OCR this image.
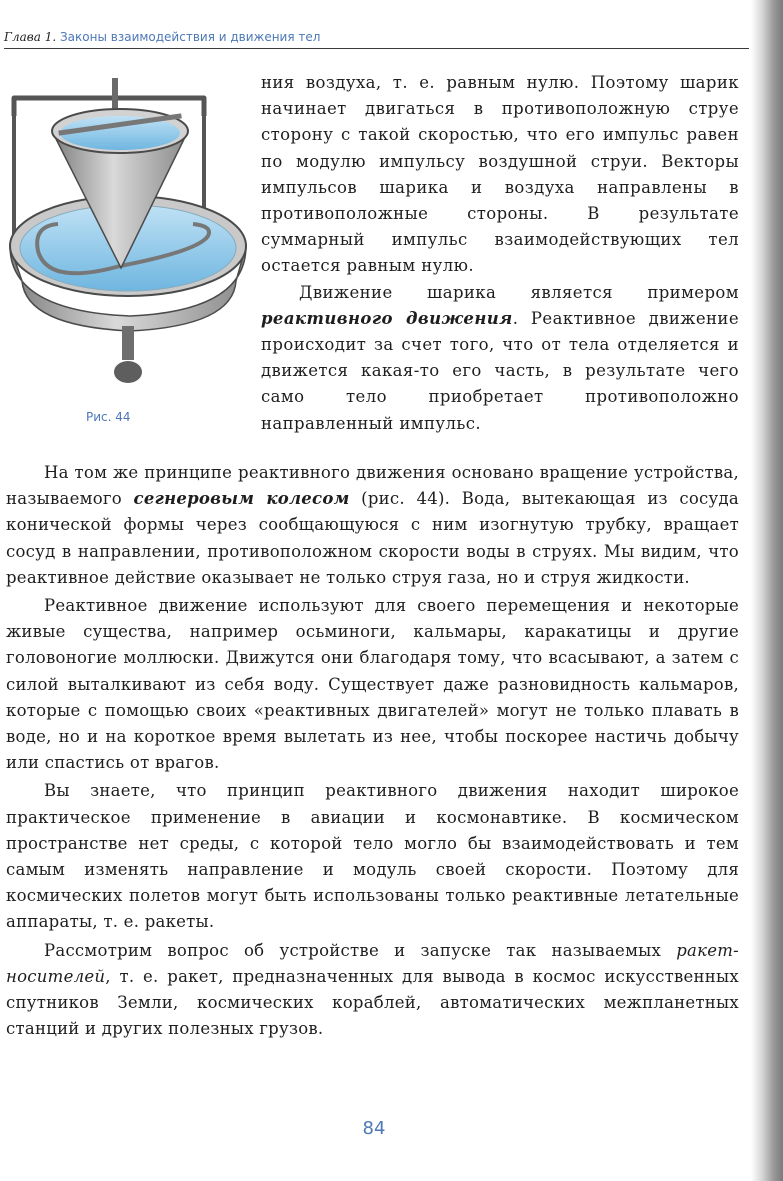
Глава 1. Законы взаимодействия и движения тел
Рис. 44

ния воздуха, т. е. равным нулю. Поэтому шарик начинает двигаться в противоположную струе сторону с такой скоростью, что его импульс равен по модулю импульсу воздушной струи. Векторы импульсов шарика и воздуха направлены в противоположные стороны. В результате суммарный импульс взаимодействующих тел остается равным нулю.

Движение шарика является примером реактивного движения. Реактивное движение происходит за счет того, что от тела отделяется и движется какая-то его часть, в результате чего само тело приобретает противоположно направленный импульс.

На том же принципе реактивного движения основано вращение устройства, называемого сегнеровым колесом (рис. 44). Вода, вытекающая из сосуда конической формы через сообщающуюся с ним изогнутую трубку, вращает сосуд в направлении, противоположном скорости воды в струях. Мы видим, что реактивное действие оказывает не только струя газа, но и струя жидкости.

Реактивное движение используют для своего перемещения и некоторые живые существа, например осьминоги, кальмары, каракатицы и другие головоногие моллюски. Движутся они благодаря тому, что всасывают, а затем с силой выталкивают из себя воду. Существует даже разновидность кальмаров, которые с помощью своих «реактивных двигателей» могут не только плавать в воде, но и на короткое время вылетать из нее, чтобы поскорее настичь добычу или спастись от врагов.

Вы знаете, что принцип реактивного движения находит широкое практическое применение в авиации и космонавтике. В космическом пространстве нет среды, с которой тело могло бы взаимодействовать и тем самым изменять направление и модуль своей скорости. Поэтому для космических полетов могут быть использованы только реактивные летательные аппараты, т. е. ракеты.

Рассмотрим вопрос об устройстве и запуске так называемых ракет-носителей, т. е. ракет, предназначенных для вывода в космос искусственных спутников Земли, космических кораблей, автоматических межпланетных станций и других полезных грузов.

84
